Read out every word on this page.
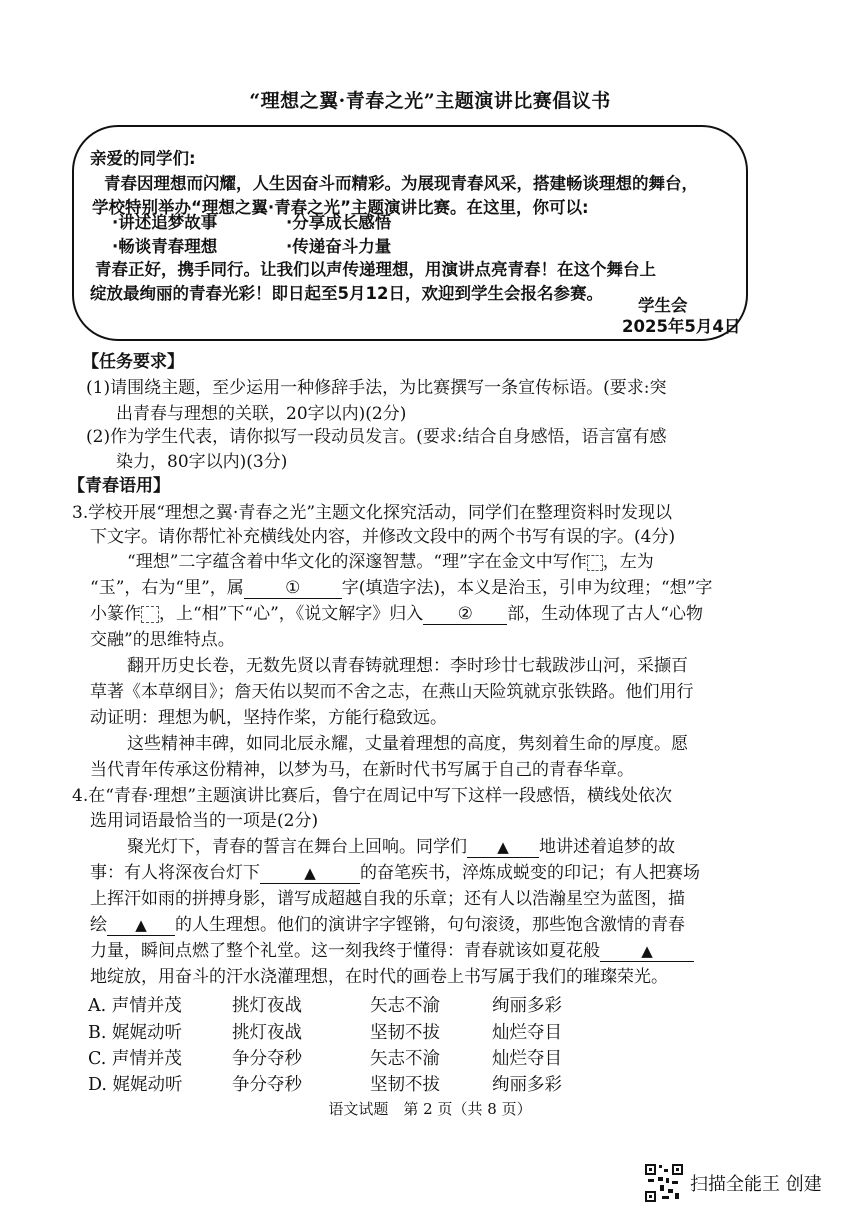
“理想之翼·青春之光”主题演讲比赛倡议书
亲爱的同学们:
青春因理想而闪耀，人生因奋斗而精彩。为展现青春风采，搭建畅谈理想的舞台，
学校特别举办“理想之翼·青春之光”主题演讲比赛。在这里，你可以:
·讲述追梦故事	·分享成长感悟
·畅谈青春理想	·传递奋斗力量
青春正好，携手同行。让我们以声传递理想，用演讲点亮青春！在这个舞台上
绽放最绚丽的青春光彩！即日起至5月12日，欢迎到学生会报名参赛。
学生会
2025年5月4日
【任务要求】
(1)请围绕主题，至少运用一种修辞手法，为比赛撰写一条宣传标语。(要求:突
出青春与理想的关联，20字以内)(2分)
(2)作为学生代表，请你拟写一段动员发言。(要求:结合自身感悟，语言富有感
染力，80字以内)(3分)
【青春语用】
3.学校开展“理想之翼·青春之光”主题文化探究活动，同学们在整理资料时发现以
下文字。请你帮忙补充横线处内容，并修改文段中的两个书写有误的字。(4分)
“理想”二字蕴含着中华文化的深邃智慧。“理”字在金文中写作 ，左为
“玉”，右为“里”，属 ① 字(填造字法)，本义是治玉，引申为纹理；“想”字
小篆作 ，上“相”下“心”，《说文解字》归入 ② 部，生动体现了古人“心物
交融”的思维特点。
翻开历史长卷，无数先贤以青春铸就理想：李时珍廿七载跋涉山河，采撷百
草著《本草纲目》；詹天佑以契而不舍之志，在燕山天险筑就京张铁路。他们用行
动证明：理想为帆，坚持作桨，方能行稳致远。
这些精神丰碑，如同北辰永耀，丈量着理想的高度，隽刻着生命的厚度。愿
当代青年传承这份精神，以梦为马，在新时代书写属于自己的青春华章。
4.在“青春·理想”主题演讲比赛后，鲁宁在周记中写下这样一段感悟，横线处依次
选用词语最恰当的一项是(2分)
聚光灯下，青春的誓言在舞台上回响。同学们 ▲ 地讲述着追梦的故
事：有人将深夜台灯下	▲	的奋笔疾书，淬炼成蜕变的印记；有人把赛场
上挥汗如雨的拼搏身影，谱写成超越自我的乐章；还有人以浩瀚星空为蓝图，描
绘 ▲ 的人生理想。他们的演讲字字铿锵，句句滚烫，那些饱含激情的青春
力量，瞬间点燃了整个礼堂。这一刻我终于懂得：青春就该如夏花般	▲
地绽放，用奋斗的汗水浇灌理想，在时代的画卷上书写属于我们的璀璨荣光。
A. 声情并茂	挑灯夜战	矢志不渝	绚丽多彩
B. 娓娓动听	挑灯夜战	坚韧不拔	灿烂夺目
C. 声情并茂	争分夺秒	矢志不渝	灿烂夺目
D. 娓娓动听	争分夺秒	坚韧不拔	绚丽多彩
语文试题　第 2 页（共 8 页）
扫描全能王 创建
